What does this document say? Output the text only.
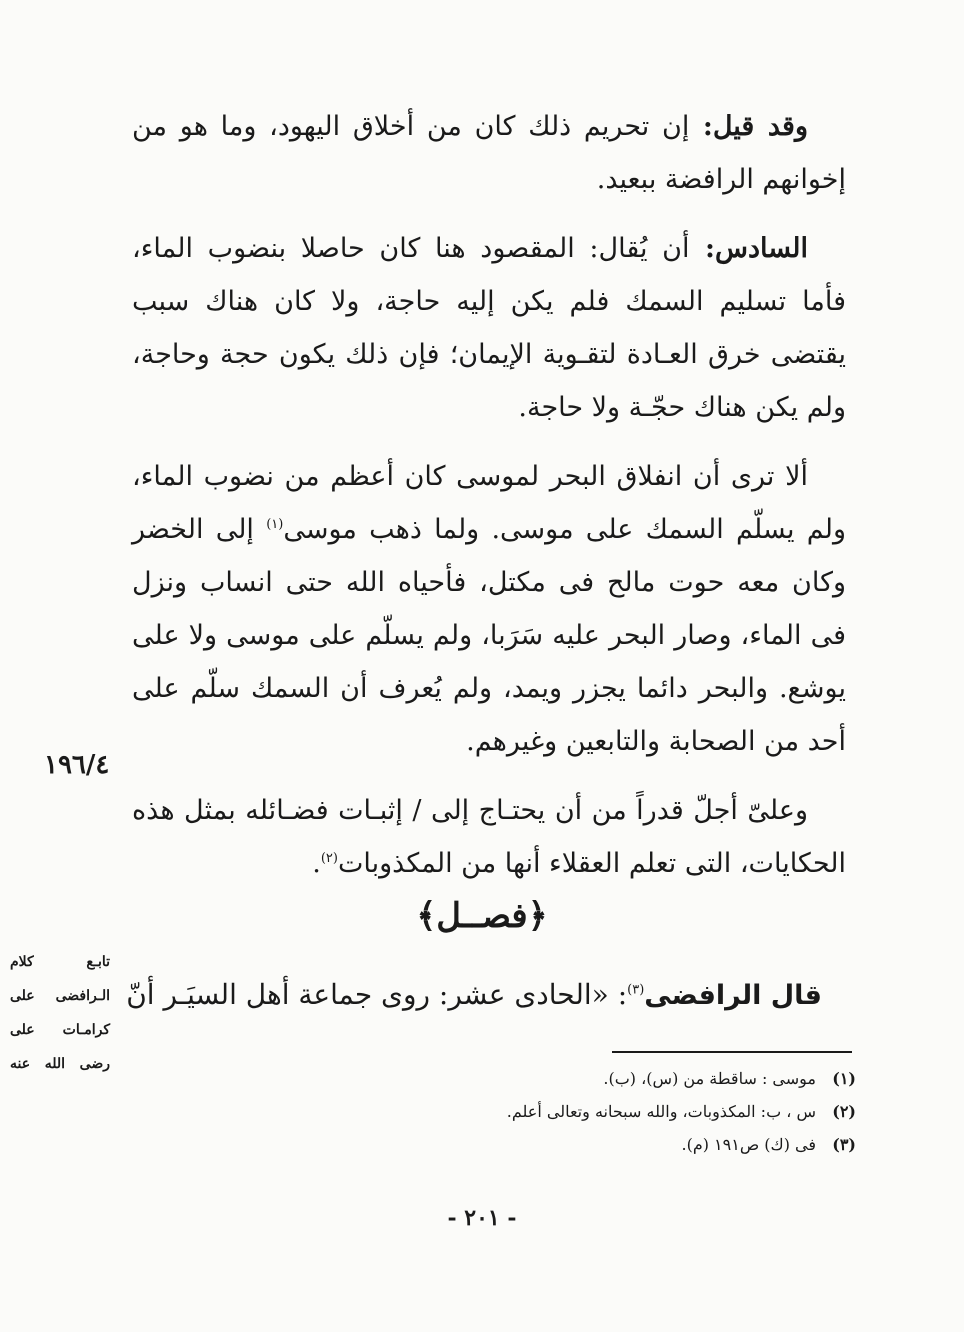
وقد قيل: إن تحريم ذلك كان من أخلاق اليهود، وما هو من إخوانهم الرافضة ببعيد.

السادس: أن يُقال: المقصود هنا كان حاصلا بنضوب الماء، فأما تسليم السمك فلم يكن إليه حاجة، ولا كان هناك سبب يقتضى خرق العـادة لتقـوية الإيمان؛ فإن ذلك يكون حجة وحاجة، ولم يكن هناك حجّـة ولا حاجة.

ألا ترى أن انفلاق البحر لموسى كان أعظم من نضوب الماء، ولم يسلّم السمك على موسى. ولما ذهب موسى$^{(١)}$ إلى الخضر وكان معه حوت مالح فى مكتل، فأحياه الله حتى انساب ونزل فى الماء، وصار البحر عليه سَرَبا، ولم يسلّم على موسى ولا على يوشع. والبحر دائما يجزر ويمد، ولم يُعرف أن السمك سلّم على أحد من الصحابة والتابعين وغيرهم.

وعلىّ أجلّ قدراً من أن يحتـاج إلى / إثبـات فضـائله بمثل هذه الحكايات، التى تعلم العقلاء أنها من المكذوبات$^{(٢)}$.

١٩٦/٤
﴿فصــل﴾
تابـع كلام الـرافضى على كرامـات على رضى الله عنه
قال الرافضى$^{(٣)}$: «الحادى عشر: روى جماعة أهل السيَـر أنّ
(١)
موسى : ساقطة من (س)، (ب).
(٢)
س ، ب: المكذوبات، والله سبحانه وتعالى أعلم.
(٣)
فى (ك) ص١٩١ (م).
- ٢٠١ -
